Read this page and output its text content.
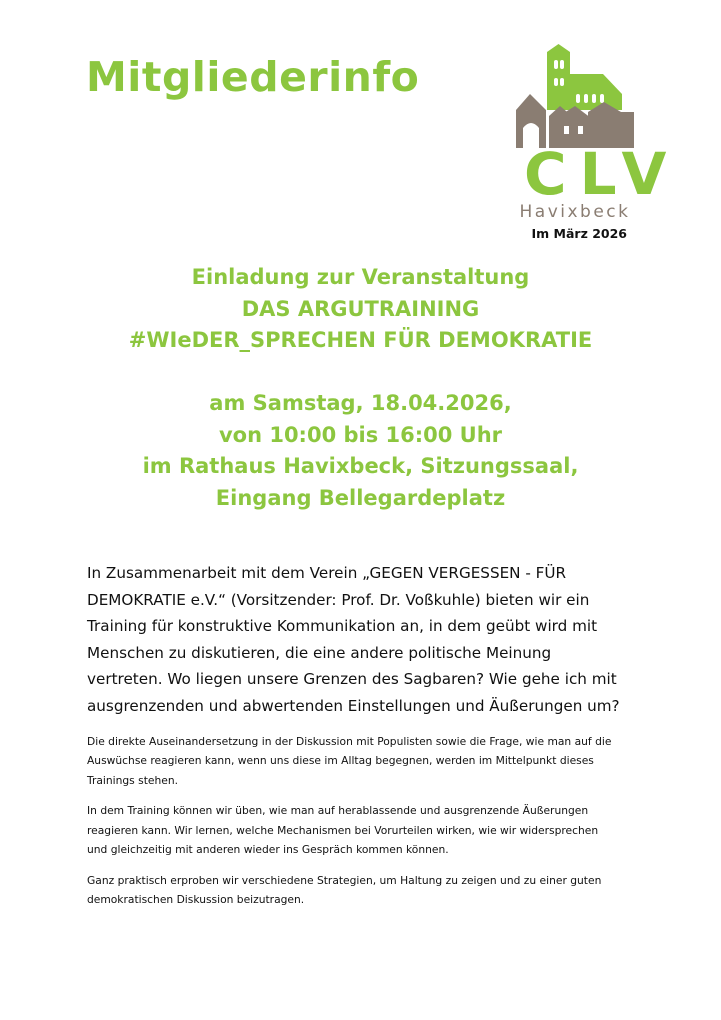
Mitgliederinfo
CLV
Havixbeck
Im März 2026
Einladung zur Veranstaltung
DAS ARGUTRAINING
#WIeDER_SPRECHEN FÜR DEMOKRATIE
am Samstag, 18.04.2026,
von 10:00 bis 16:00 Uhr
im Rathaus Havixbeck, Sitzungssaal,
Eingang Bellegardeplatz

In Zusammenarbeit mit dem Verein „GEGEN VERGESSEN - FÜR
DEMOKRATIE e.V.“ (Vorsitzender: Prof. Dr. Voßkuhle) bieten wir ein
Training für konstruktive Kommunikation an, in dem geübt wird mit
Menschen zu diskutieren, die eine andere politische Meinung
vertreten. Wo liegen unsere Grenzen des Sagbaren? Wie gehe ich mit
ausgrenzenden und abwertenden Einstellungen und Äußerungen um?

Die direkte Auseinandersetzung in der Diskussion mit Populisten sowie die Frage, wie man auf die
Auswüchse reagieren kann, wenn uns diese im Alltag begegnen, werden im Mittelpunkt dieses
Trainings stehen.

In dem Training können wir üben, wie man auf herablassende und ausgrenzende Äußerungen
reagieren kann. Wir lernen, welche Mechanismen bei Vorurteilen wirken, wie wir widersprechen
und gleichzeitig mit anderen wieder ins Gespräch kommen können.

Ganz praktisch erproben wir verschiedene Strategien, um Haltung zu zeigen und zu einer guten
demokratischen Diskussion beizutragen.
